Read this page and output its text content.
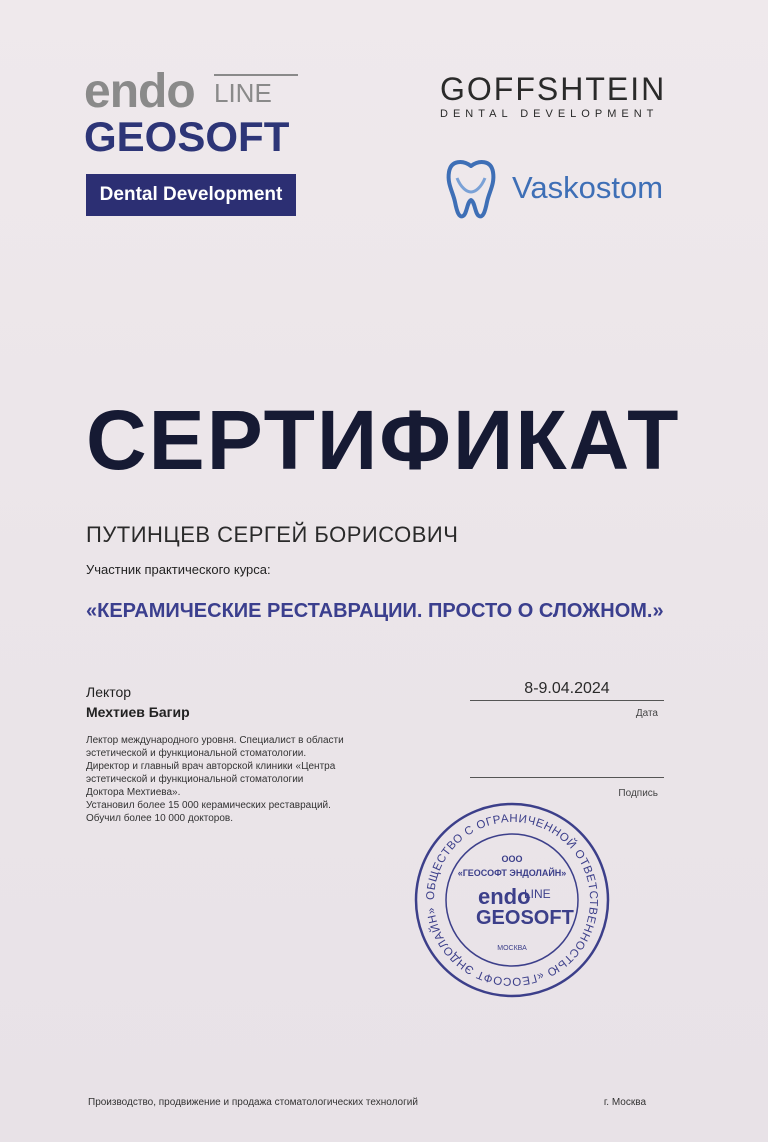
endo LINE
GEOSOFT
Dental Development
GOFFSHTEIN
DENTAL DEVELOPMENT
Vaskostom
СЕРТИФИКАТ
ПУТИНЦЕВ СЕРГЕЙ БОРИСОВИЧ
Участник практического курса:
«КЕРАМИЧЕСКИЕ РЕСТАВРАЦИИ. ПРОСТО О СЛОЖНОМ.»
Лектор
Мехтиев Багир
Лектор международного уровня. Специалист в области
эстетической и функциональной стоматологии.
Директор и главный врач авторской клиники «Центра
эстетической и функциональной стоматологии
Доктора Мехтиева».
Установил более 15 000 керамических реставраций.
Обучил более 10 000 докторов.
8-9.04.2024
Дата
Подпись
ОБЩЕСТВО С ОГРАНИЧЕННОЙ ОТВЕТСТВЕННОСТЬЮ «ГЕОСОФТ ЭНДОЛАЙН»
ООО
«ГЕОСОФТ ЭНДОЛАЙН»
endo
LINE
GEOSOFT
МОСКВА
Производство, продвижение и продажа стоматологических технологий	г. Москва
